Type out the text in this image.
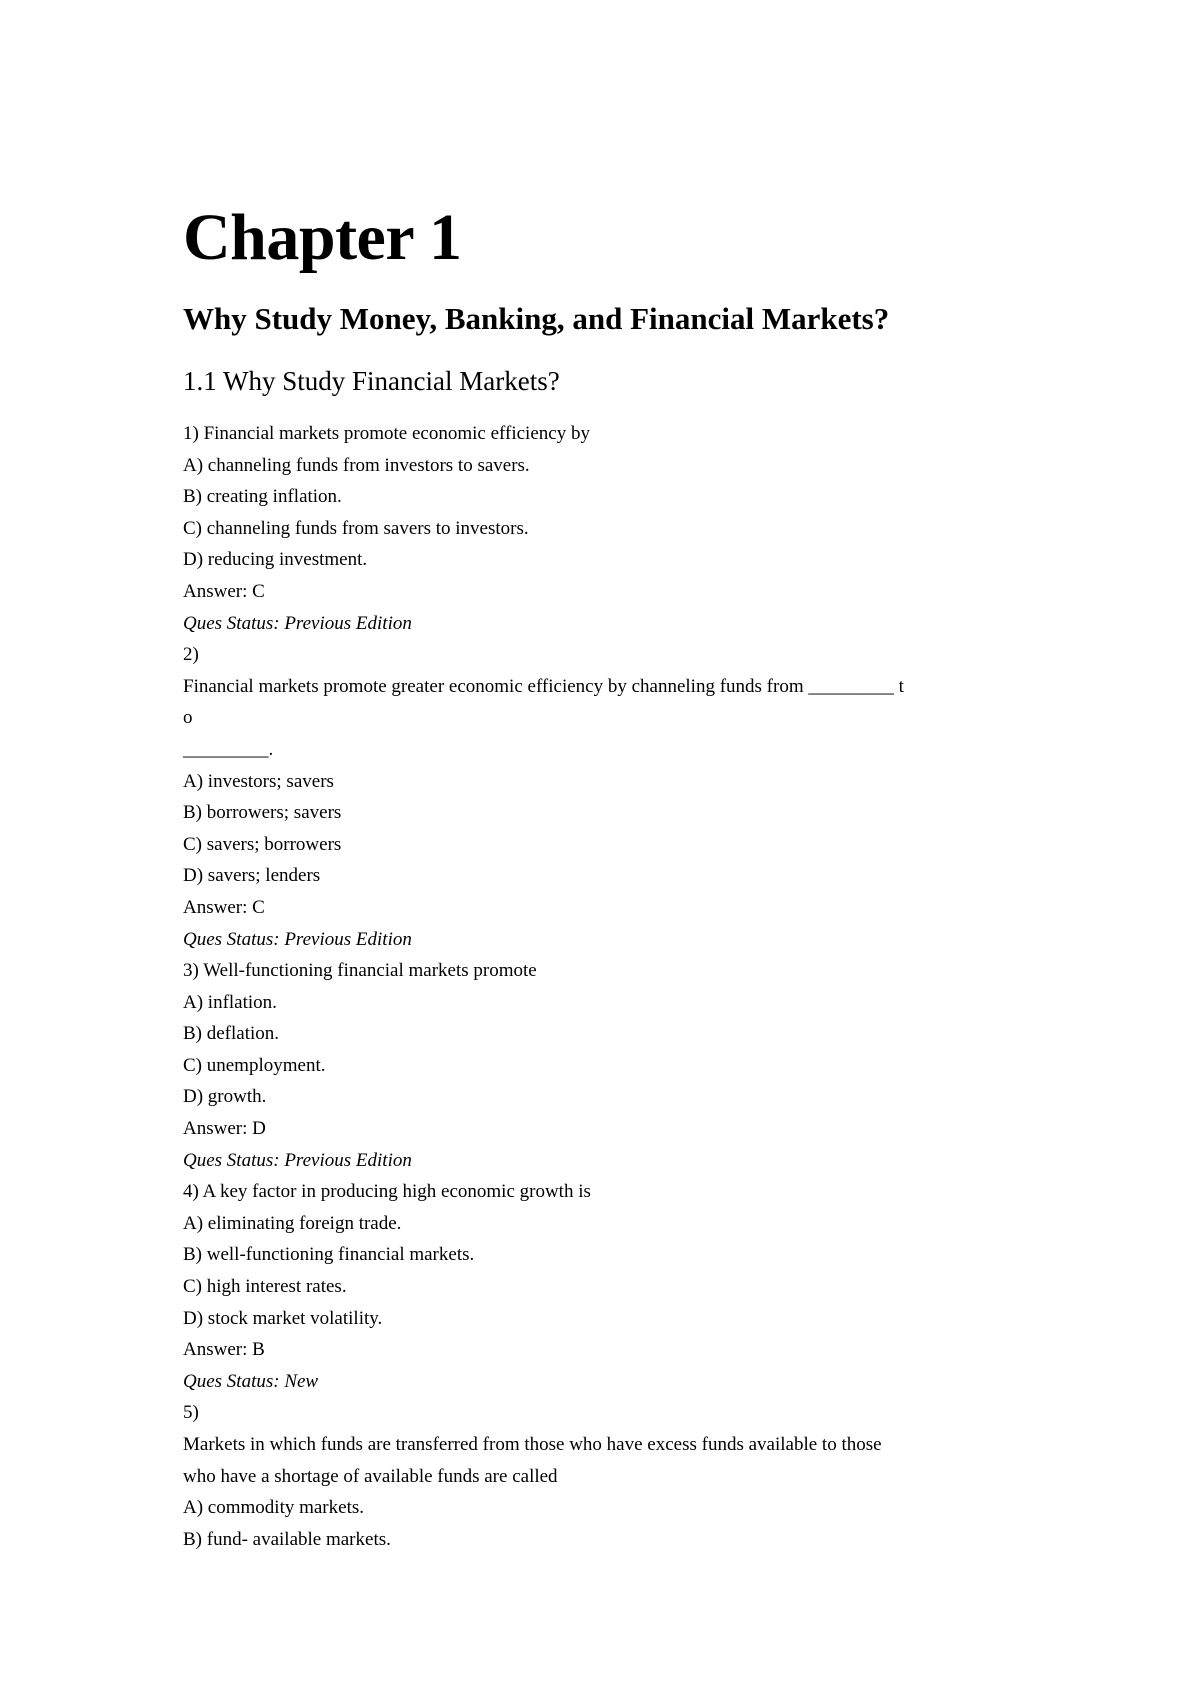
Chapter 1
Why Study Money, Banking, and Financial Markets?
1.1 Why Study Financial Markets?
1) Financial markets promote economic efficiency by
A) channeling funds from investors to savers.
B) creating inflation.
C) channeling funds from savers to investors.
D) reducing investment.
Answer: C
Ques Status: Previous Edition
2)
Financial markets promote greater economic efficiency by channeling funds from _________ t
o
_________.
A) investors; savers
B) borrowers; savers
C) savers; borrowers
D) savers; lenders
Answer: C
Ques Status: Previous Edition
3) Well-functioning financial markets promote
A) inflation.
B) deflation.
C) unemployment.
D) growth.
Answer: D
Ques Status: Previous Edition
4) A key factor in producing high economic growth is
A) eliminating foreign trade.
B) well-functioning financial markets.
C) high interest rates.
D) stock market volatility.
Answer: B
Ques Status: New
5)
Markets in which funds are transferred from those who have excess funds available to those
who have a shortage of available funds are called
A) commodity markets.
B) fund- available markets.
